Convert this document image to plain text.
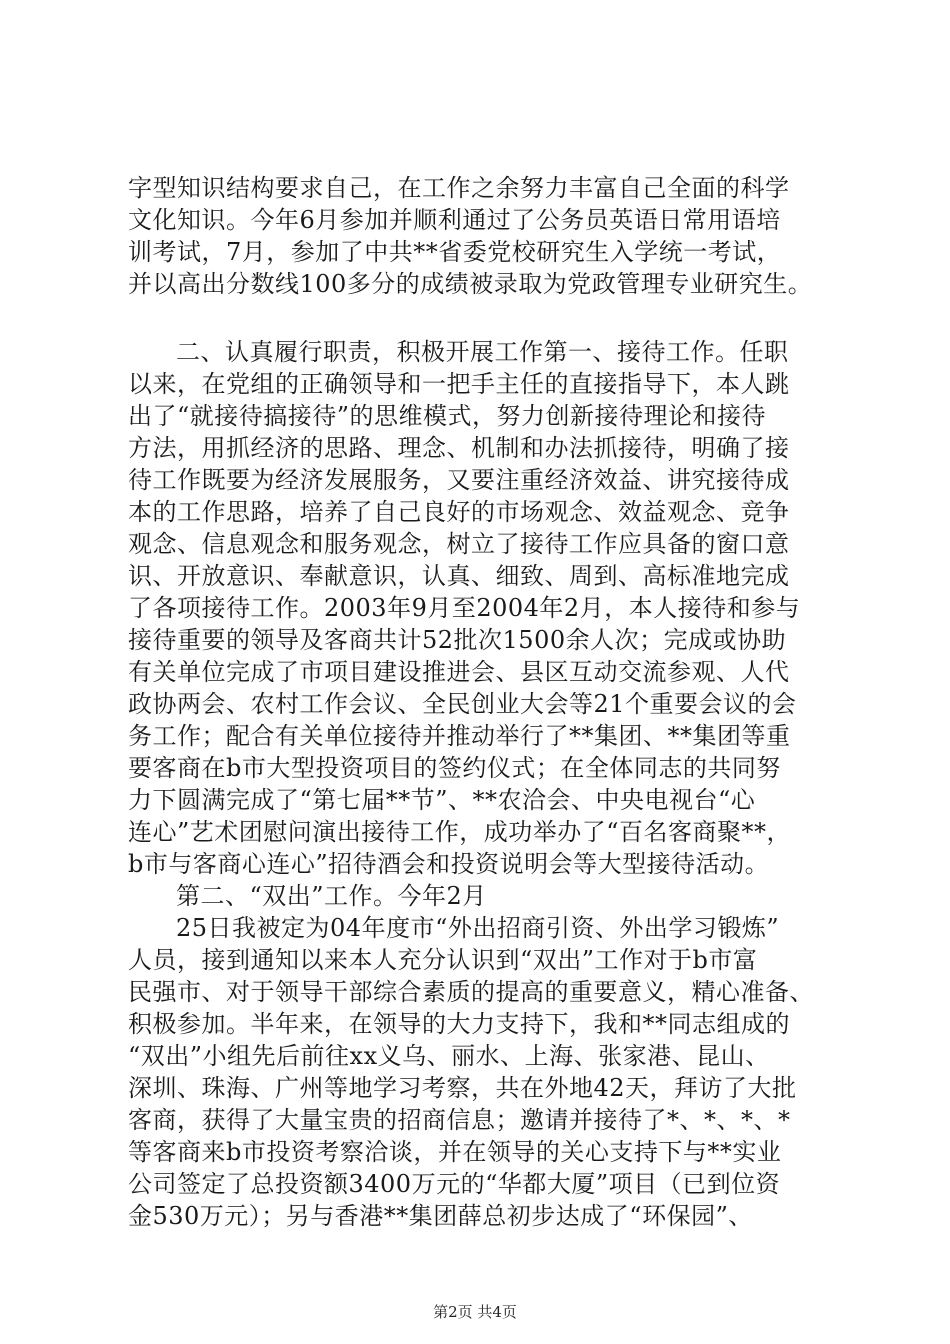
字型知识结构要求自己，在工作之余努力丰富自己全面的科学
文化知识。今年6月参加并顺利通过了公务员英语日常用语培
训考试，7月，参加了中共**省委党校研究生入学统一考试，
并以高出分数线100多分的成绩被录取为党政管理专业研究生。
二、认真履行职责，积极开展工作第一、接待工作。任职
以来，在党组的正确领导和一把手主任的直接指导下，本人跳
出了“就接待搞接待”的思维模式，努力创新接待理论和接待
方法，用抓经济的思路、理念、机制和办法抓接待，明确了接
待工作既要为经济发展服务，又要注重经济效益、讲究接待成
本的工作思路，培养了自己良好的市场观念、效益观念、竞争
观念、信息观念和服务观念，树立了接待工作应具备的窗口意
识、开放意识、奉献意识，认真、细致、周到、高标准地完成
了各项接待工作。2003年9月至2004年2月，本人接待和参与
接待重要的领导及客商共计52批次1500余人次；完成或协助
有关单位完成了市项目建设推进会、县区互动交流参观、人代
政协两会、农村工作会议、全民创业大会等21个重要会议的会
务工作；配合有关单位接待并推动举行了**集团、**集团等重
要客商在b市大型投资项目的签约仪式；在全体同志的共同努
力下圆满完成了“第七届**节”、**农洽会、中央电视台“心
连心”艺术团慰问演出接待工作，成功举办了“百名客商聚**，
b市与客商心连心”招待酒会和投资说明会等大型接待活动。
第二、“双出”工作。今年2月
25日我被定为04年度市“外出招商引资、外出学习锻炼”
人员，接到通知以来本人充分认识到“双出”工作对于b市富
民强市、对于领导干部综合素质的提高的重要意义，精心准备、
积极参加。半年来，在领导的大力支持下，我和**同志组成的
“双出”小组先后前往xx义乌、丽水、上海、张家港、昆山、
深圳、珠海、广州等地学习考察，共在外地42天，拜访了大批
客商，获得了大量宝贵的招商信息；邀请并接待了*、*、*、*
等客商来b市投资考察洽谈，并在领导的关心支持下与**实业
公司签定了总投资额3400万元的“华都大厦”项目（已到位资
金530万元）；另与香港**集团薛总初步达成了“环保园”、
第2页 共4页
